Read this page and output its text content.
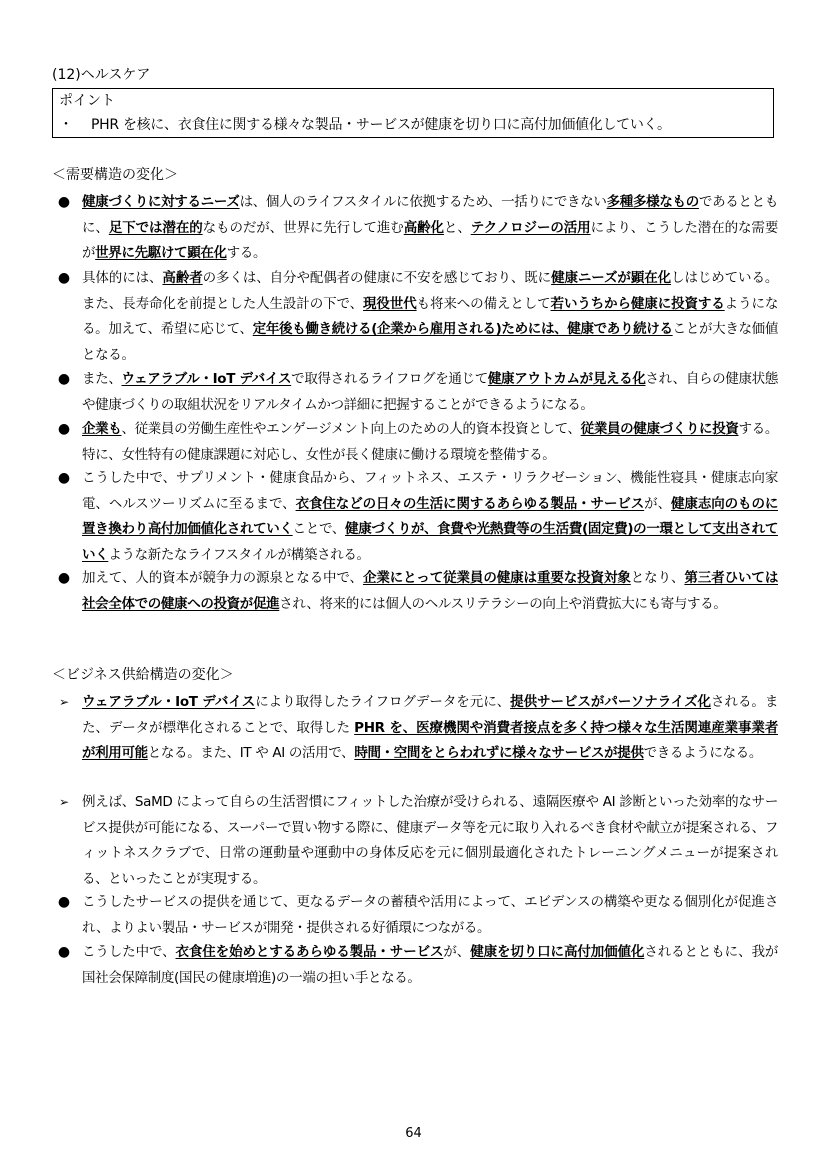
(12)ヘルスケア
ポイント
・ PHR を核に、衣食住に関する様々な製品・サービスが健康を切り口に高付加価値化していく。
＜需要構造の変化＞
● 健康づくりに対するニーズは、個人のライフスタイルに依拠するため、一括りにできない多種多様なものであるとともに、足下では潜在的なものだが、世界に先行して進む高齢化と、テクノロジーの活用により、こうした潜在的な需要が世界に先駆けて顕在化する。
● 具体的には、高齢者の多くは、自分や配偶者の健康に不安を感じており、既に健康ニーズが顕在化しはじめている。また、長寿命化を前提とした人生設計の下で、現役世代も将来への備えとして若いうちから健康に投資するようになる。加えて、希望に応じて、定年後も働き続ける(企業から雇用される)ためには、健康であり続けることが大きな価値となる。
● また、ウェアラブル・IoT デバイスで取得されるライフログを通じて健康アウトカムが見える化され、自らの健康状態や健康づくりの取組状況をリアルタイムかつ詳細に把握することができるようになる。
● 企業も、従業員の労働生産性やエンゲージメント向上のための人的資本投資として、従業員の健康づくりに投資する。特に、女性特有の健康課題に対応し、女性が長く健康に働ける環境を整備する。
● こうした中で、サプリメント・健康食品から、フィットネス、エステ・リラクゼーション、機能性寝具・健康志向家電、ヘルスツーリズムに至るまで、衣食住などの日々の生活に関するあらゆる製品・サービスが、健康志向のものに置き換わり高付加価値化されていくことで、健康づくりが、食費や光熱費等の生活費(固定費)の一環として支出されていくような新たなライフスタイルが構築される。
● 加えて、人的資本が競争力の源泉となる中で、企業にとって従業員の健康は重要な投資対象となり、第三者ひいては社会全体での健康への投資が促進され、将来的には個人のヘルスリテラシーの向上や消費拡大にも寄与する。
＜ビジネス供給構造の変化＞
➢ ウェアラブル・IoT デバイスにより取得したライフログデータを元に、提供サービスがパーソナライズ化される。また、データが標準化されることで、取得した PHR を、医療機関や消費者接点を多く持つ様々な生活関連産業事業者が利用可能となる。また、IT や AI の活用で、時間・空間をとらわれずに様々なサービスが提供できるようになる。
➢ 例えば、SaMD によって自らの生活習慣にフィットした治療が受けられる、遠隔医療や AI 診断といった効率的なサービス提供が可能になる、スーパーで買い物する際に、健康データ等を元に取り入れるべき食材や献立が提案される、フィットネスクラブで、日常の運動量や運動中の身体反応を元に個別最適化されたトレーニングメニューが提案される、といったことが実現する。
● こうしたサービスの提供を通じて、更なるデータの蓄積や活用によって、エビデンスの構築や更なる個別化が促進され、よりよい製品・サービスが開発・提供される好循環につながる。
● こうした中で、衣食住を始めとするあらゆる製品・サービスが、健康を切り口に高付加価値化されるとともに、我が国社会保障制度(国民の健康増進)の一端の担い手となる。
64
